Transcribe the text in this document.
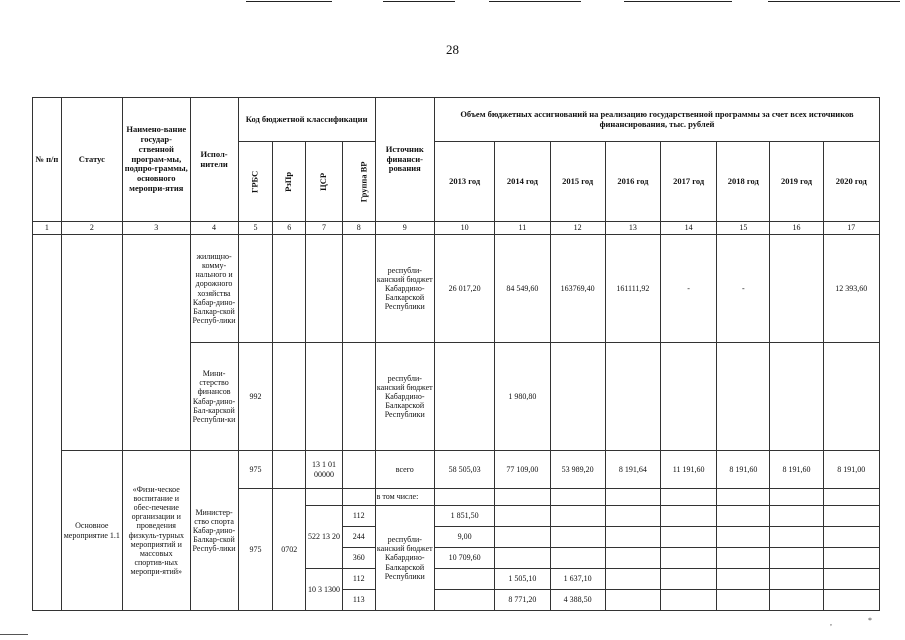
28
№ п/п	Статус	Наимено-вание государ-ственной програм-мы, подпро-граммы, основного меропри-ятия	Испол-нители	Код бюджетной классификации				Источник финанси-рования	Объем бюджетных ассигнований на реализацию государственной программы за счет всех источников финансирования, тыс. рублей							
				ГРБС	РзПр	ЦСР	Группа ВР		2013 год	2014 год	2015 год	2016 год	2017 год	2018 год	2019 год	2020 год
1	2	3	4	5	6	7	8	9	10	11	12	13	14	15	16	17
			жилищно-комму-нального и дорожного хозяйства Кабар-дино-Балкар-ской Респуб-лики					республи-канский бюджет Кабардино-Балкарской Республики	26 017,20	84 549,60	163769,40	161111,92	-	-		12 393,60
			Мини-стерство финансов Кабар-дино-Бал-карской Республи-ки	992				республи-канский бюджет Кабардино-Балкарской Республики		1 980,80						
	Основное мероприятие 1.1	«Физи-ческое воспитание и обес-печение организации и проведения физкуль-турных мероприятий и массовых спортив-ных меропри-ятий»	Министер-ство спорта Кабар-дино-Балкар-ской Респуб-лики	975		13 1 01 00000		всего	58 505,03	77 109,00	53 989,20	8 191,64	11 191,60	8 191,60	8 191,60	8 191,00
				975	0702			в том числе:								
						522 13 20	112	республи-канский бюджет Кабардино-Балкарской Республики	1 851,50							
							244		9,00							
							360		10 709,60							
						10 3 1300	112			1 505,10	1 637,10					
							113			8 771,20	4 388,50					
,	*
